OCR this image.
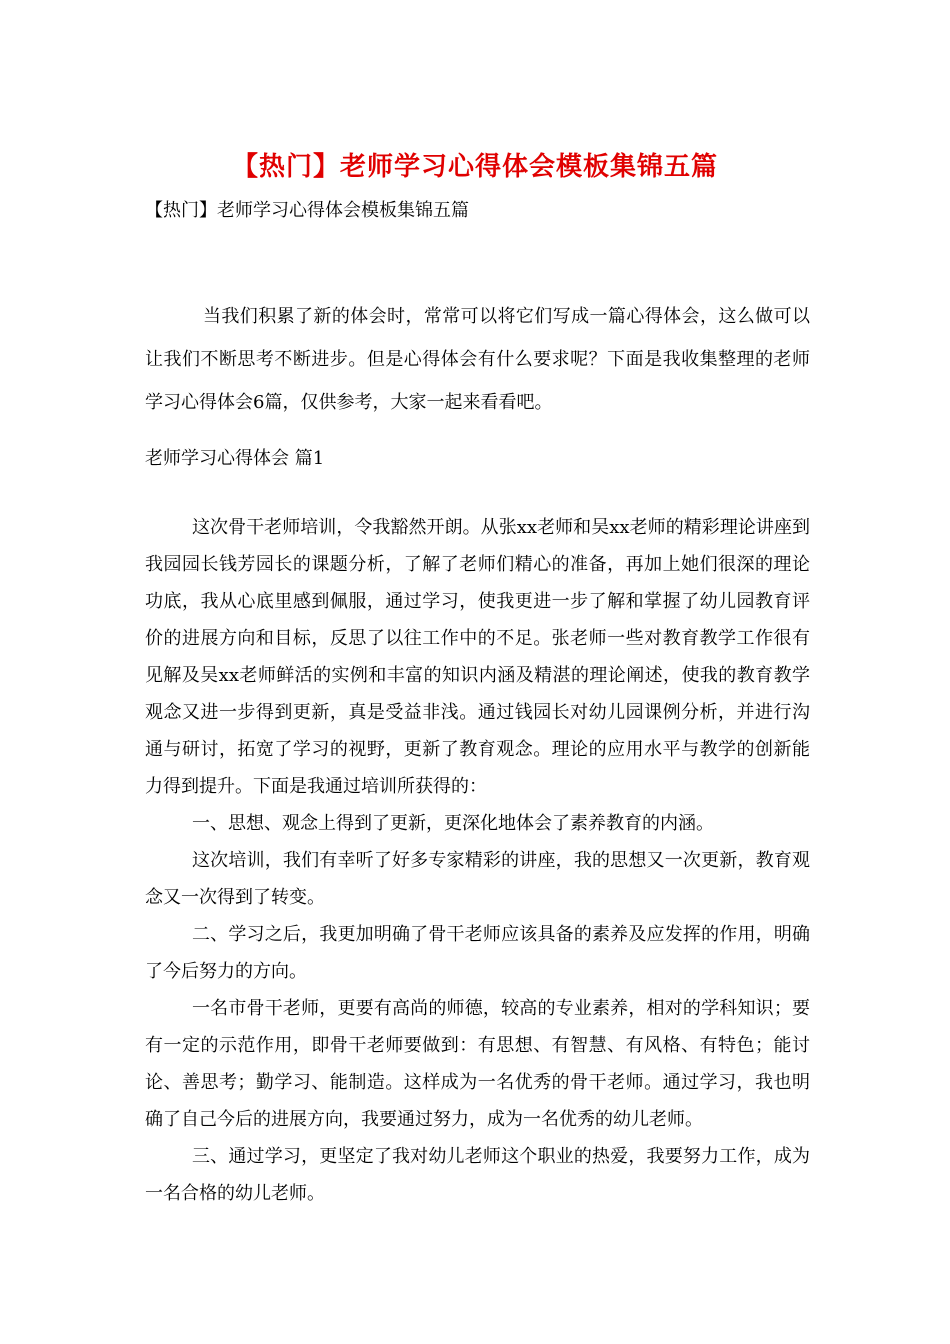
【热门】老师学习心得体会模板集锦五篇
【热门】老师学习心得体会模板集锦五篇

当我们积累了新的体会时，常常可以将它们写成一篇心得体会，这么做可以让我们不断思考不断进步。但是心得体会有什么要求呢？下面是我收集整理的老师学习心得体会6篇，仅供参考，大家一起来看看吧。

老师学习心得体会 篇1

这次骨干老师培训，令我豁然开朗。从张xx老师和吴xx老师的精彩理论讲座到我园园长钱芳园长的课题分析，了解了老师们精心的准备，再加上她们很深的理论功底，我从心底里感到佩服，通过学习，使我更进一步了解和掌握了幼儿园教育评价的进展方向和目标，反思了以往工作中的不足。张老师一些对教育教学工作很有见解及吴xx老师鲜活的实例和丰富的知识内涵及精湛的理论阐述，使我的教育教学观念又进一步得到更新，真是受益非浅。通过钱园长对幼儿园课例分析，并进行沟通与研讨，拓宽了学习的视野，更新了教育观念。理论的应用水平与教学的创新能力得到提升。下面是我通过培训所获得的：

一、思想、观念上得到了更新，更深化地体会了素养教育的内涵。

这次培训，我们有幸听了好多专家精彩的讲座，我的思想又一次更新，教育观念又一次得到了转变。

二、学习之后，我更加明确了骨干老师应该具备的素养及应发挥的作用，明确了今后努力的方向。

一名市骨干老师，更要有高尚的师德，较高的专业素养，相对的学科知识；要有一定的示范作用，即骨干老师要做到：有思想、有智慧、有风格、有特色；能讨论、善思考；勤学习、能制造。这样成为一名优秀的骨干老师。通过学习，我也明确了自己今后的进展方向，我要通过努力，成为一名优秀的幼儿老师。

三、通过学习，更坚定了我对幼儿老师这个职业的热爱，我要努力工作，成为一名合格的幼儿老师。
